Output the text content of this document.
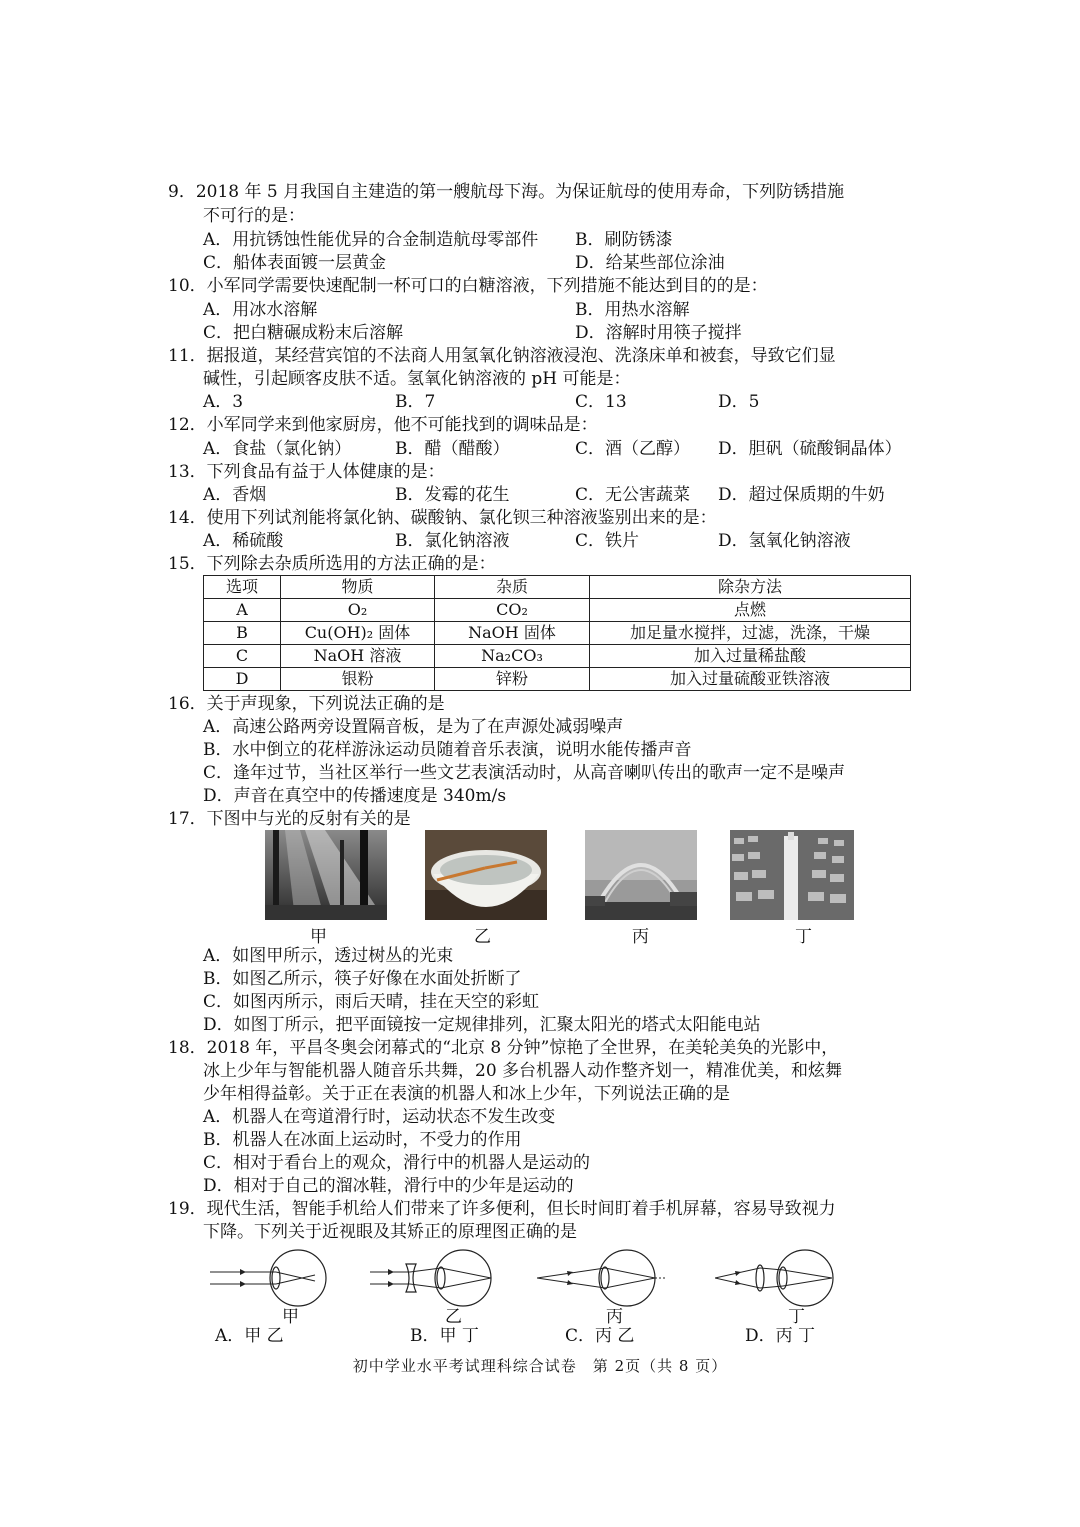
9．2018 年 5 月我国自主建造的第一艘航母下海。为保证航母的使用寿命，下列防锈措施
不可行的是：
A．用抗锈蚀性能优异的合金制造航母零部件 B．刷防锈漆
C．船体表面镀一层黄金	D．给某些部位涂油
10．小军同学需要快速配制一杯可口的白糖溶液，下列措施不能达到目的的是：
A．用冰水溶解	B．用热水溶解
C．把白糖碾成粉末后溶解	D．溶解时用筷子搅拌
11．据报道，某经营宾馆的不法商人用氢氧化钠溶液浸泡、洗涤床单和被套，导致它们显
碱性，引起顾客皮肤不适。氢氧化钠溶液的 pH 可能是：
A．3	B．7	C．13	D．5
12．小军同学来到他家厨房，他不可能找到的调味品是：
A．食盐（氯化钠）	B．醋（醋酸）	C．酒（乙醇） D．胆矾（硫酸铜晶体）
13．下列食品有益于人体健康的是：
A．香烟	B．发霉的花生	C．无公害蔬菜 D．超过保质期的牛奶
14．使用下列试剂能将氯化钠、碳酸钠、氯化钡三种溶液鉴别出来的是：
A．稀硫酸	B．氯化钠溶液	C．铁片	D．氢氧化钠溶液
15．下列除去杂质所选用的方法正确的是：
选项	物质	杂质	除杂方法
A	O₂	CO₂	点燃
B	Cu(OH)₂ 固体	NaOH 固体	加足量水搅拌，过滤，洗涤，干燥
C	NaOH 溶液	Na₂CO₃	加入过量稀盐酸
D	银粉	锌粉	加入过量硫酸亚铁溶液
16．关于声现象，下列说法正确的是
A．高速公路两旁设置隔音板，是为了在声源处减弱噪声
B．水中倒立的花样游泳运动员随着音乐表演，说明水能传播声音
C．逢年过节，当社区举行一些文艺表演活动时，从高音喇叭传出的歌声一定不是噪声
D．声音在真空中的传播速度是 340m/s
17．下图中与光的反射有关的是
甲	乙	丙	丁
A．如图甲所示，透过树丛的光束
B．如图乙所示，筷子好像在水面处折断了
C．如图丙所示，雨后天晴，挂在天空的彩虹
D．如图丁所示，把平面镜按一定规律排列，汇聚太阳光的塔式太阳能电站
18．2018 年，平昌冬奥会闭幕式的“北京 8 分钟”惊艳了全世界，在美轮美奂的光影中，
冰上少年与智能机器人随音乐共舞，20 多台机器人动作整齐划一，精准优美，和炫舞
少年相得益彰。关于正在表演的机器人和冰上少年，下列说法正确的是
A．机器人在弯道滑行时，运动状态不发生改变
B．机器人在冰面上运动时，不受力的作用
C．相对于看台上的观众，滑行中的机器人是运动的
D．相对于自己的溜冰鞋，滑行中的少年是运动的
19．现代生活，智能手机给人们带来了许多便利，但长时间盯着手机屏幕，容易导致视力
下降。下列关于近视眼及其矫正的原理图正确的是
甲	乙	丙	丁
A．甲 乙	B．甲 丁	C．丙 乙	D．丙 丁
初中学业水平考试理科综合试卷　第 2页（共 8 页）
